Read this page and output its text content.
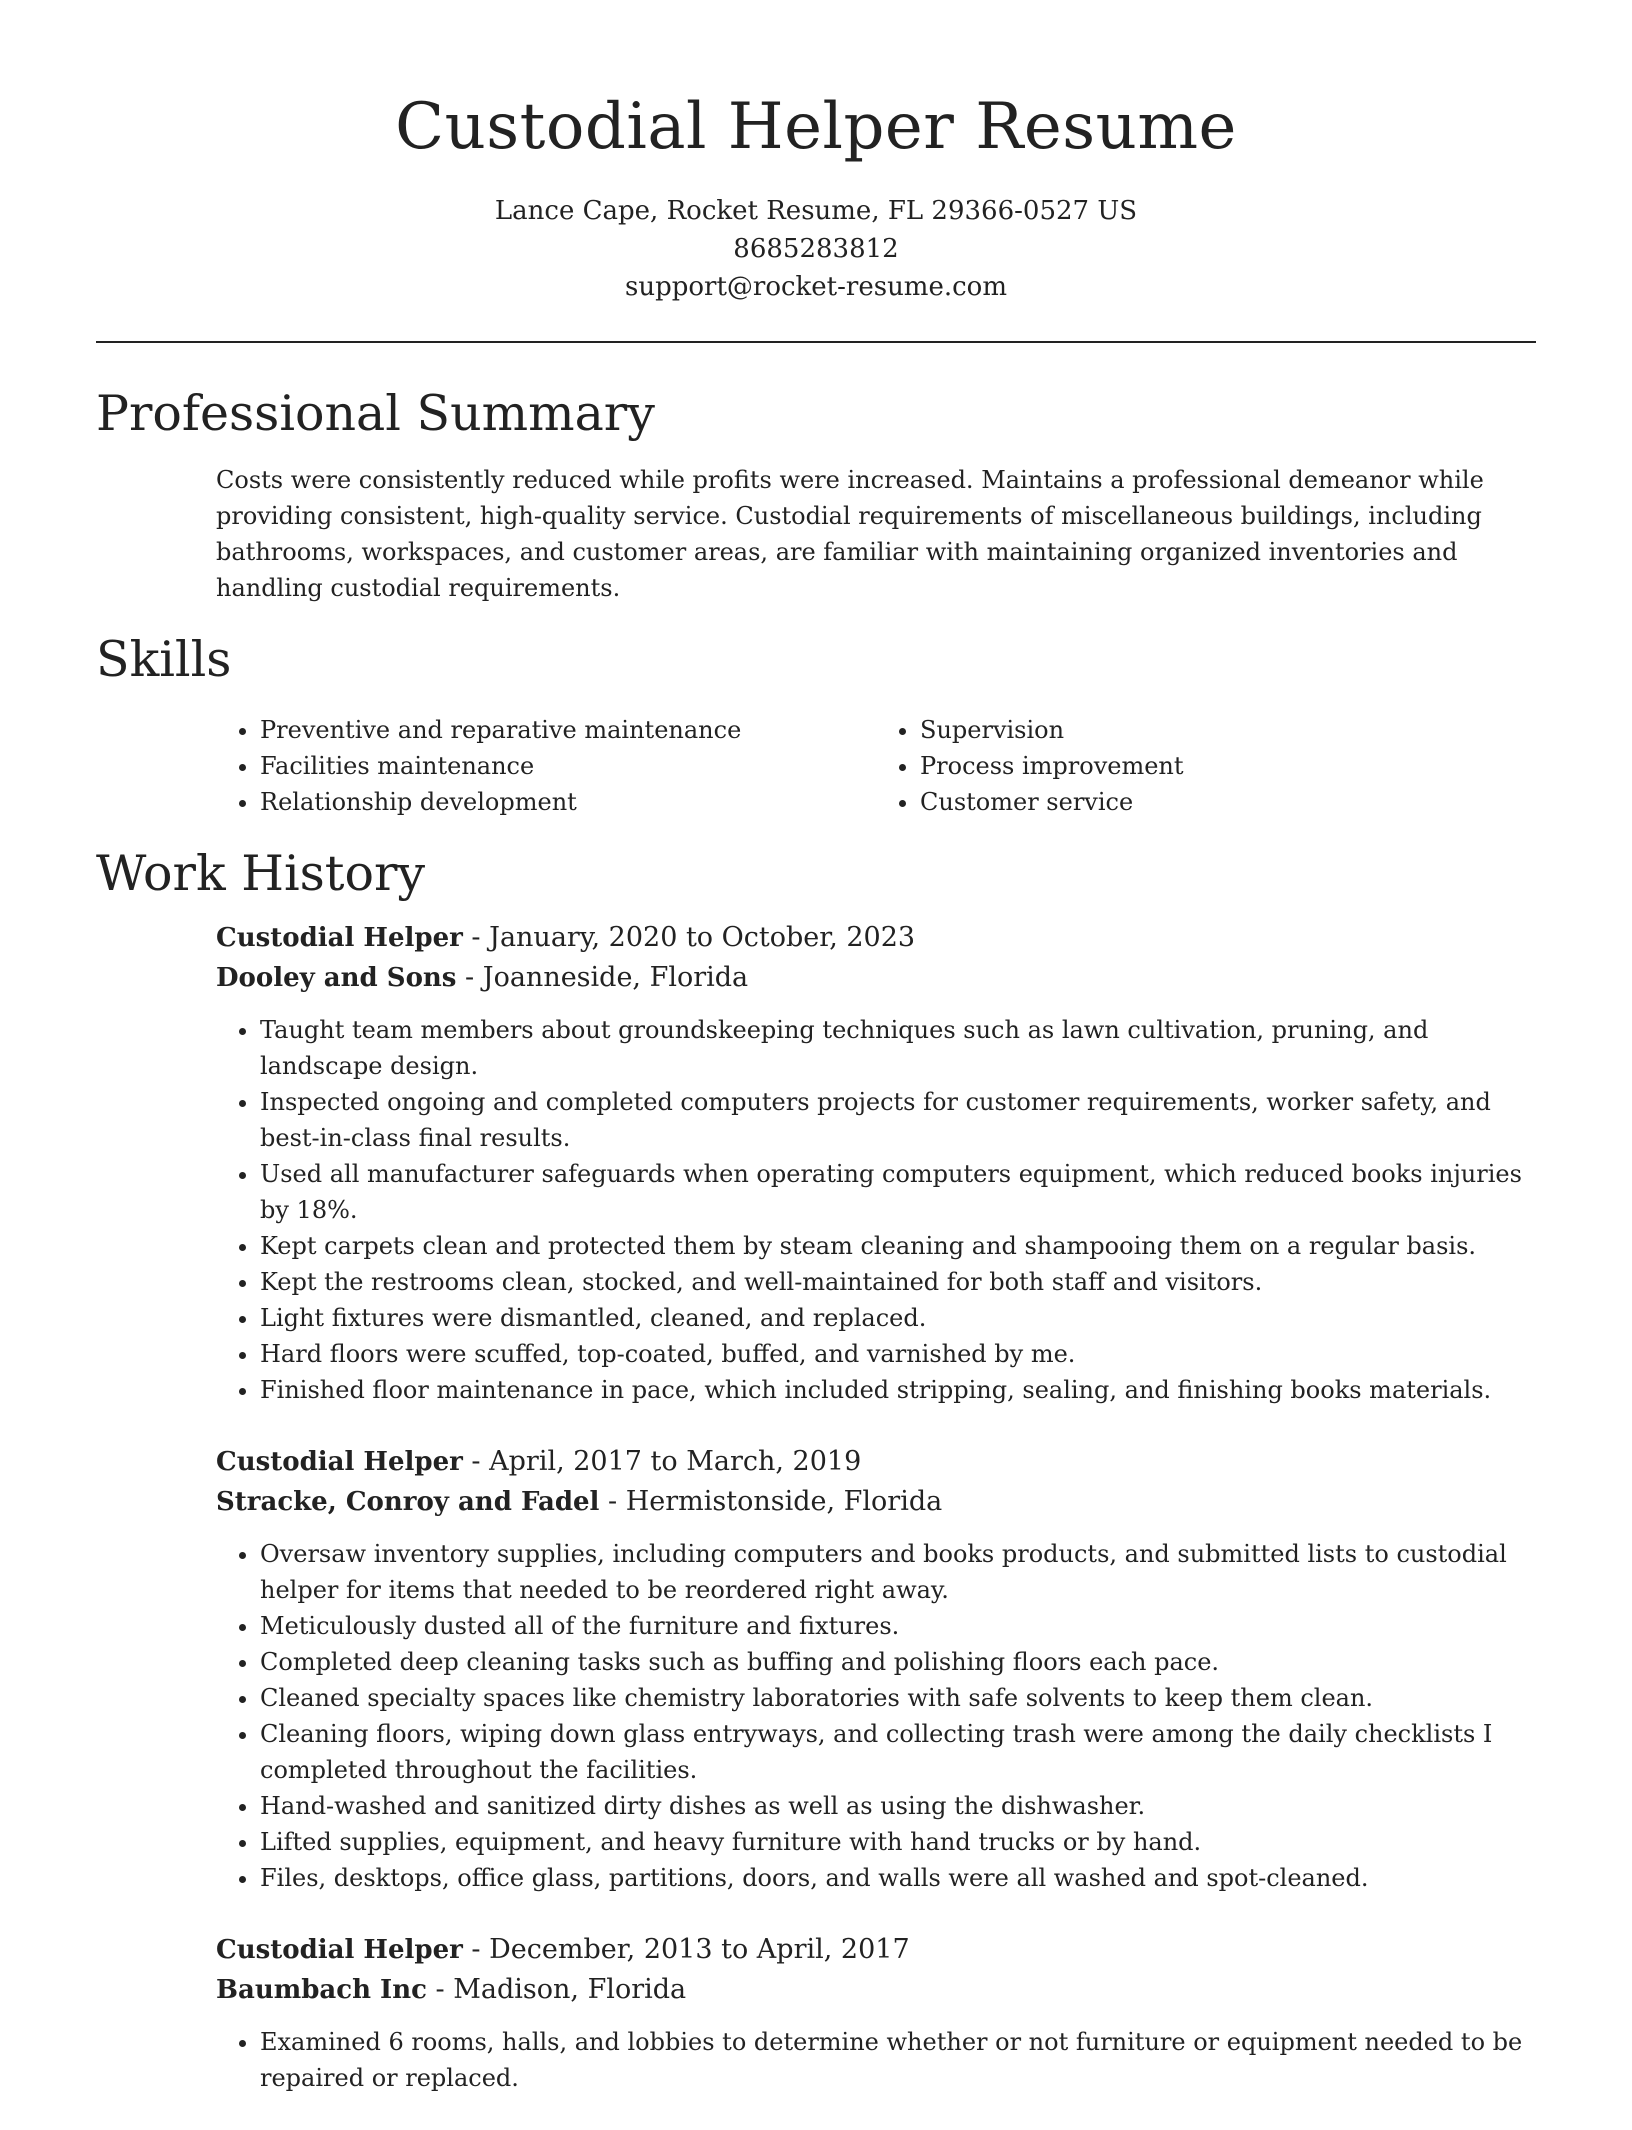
Custodial Helper Resume
Lance Cape, Rocket Resume, FL 29366-0527 US
8685283812
support@rocket-resume.com
Professional Summary

Costs were consistently reduced while profits were increased. Maintains a professional demeanor while providing consistent, high-quality service. Custodial requirements of miscellaneous buildings, including bathrooms, workspaces, and customer areas, are familiar with maintaining organized inventories and handling custodial requirements.

Skills
• Preventive and reparative maintenance
• Facilities maintenance
• Relationship development
• Supervision
• Process improvement
• Customer service
Work History
Custodial Helper - January, 2020 to October, 2023
Dooley and Sons - Joanneside, Florida
• Taught team members about groundskeeping techniques such as lawn cultivation, pruning, and landscape design.
• Inspected ongoing and completed computers projects for customer requirements, worker safety, and best-in-class final results.
• Used all manufacturer safeguards when operating computers equipment, which reduced books injuries by 18%.
• Kept carpets clean and protected them by steam cleaning and shampooing them on a regular basis.
• Kept the restrooms clean, stocked, and well-maintained for both staff and visitors.
• Light fixtures were dismantled, cleaned, and replaced.
• Hard floors were scuffed, top-coated, buffed, and varnished by me.
• Finished floor maintenance in pace, which included stripping, sealing, and finishing books materials.
Custodial Helper - April, 2017 to March, 2019
Stracke, Conroy and Fadel - Hermistonside, Florida
• Oversaw inventory supplies, including computers and books products, and submitted lists to custodial helper for items that needed to be reordered right away.
• Meticulously dusted all of the furniture and fixtures.
• Completed deep cleaning tasks such as buffing and polishing floors each pace.
• Cleaned specialty spaces like chemistry laboratories with safe solvents to keep them clean.
• Cleaning floors, wiping down glass entryways, and collecting trash were among the daily checklists I completed throughout the facilities.
• Hand-washed and sanitized dirty dishes as well as using the dishwasher.
• Lifted supplies, equipment, and heavy furniture with hand trucks or by hand.
• Files, desktops, office glass, partitions, doors, and walls were all washed and spot-cleaned.
Custodial Helper - December, 2013 to April, 2017
Baumbach Inc - Madison, Florida
• Examined 6 rooms, halls, and lobbies to determine whether or not furniture or equipment needed to be repaired or replaced.
